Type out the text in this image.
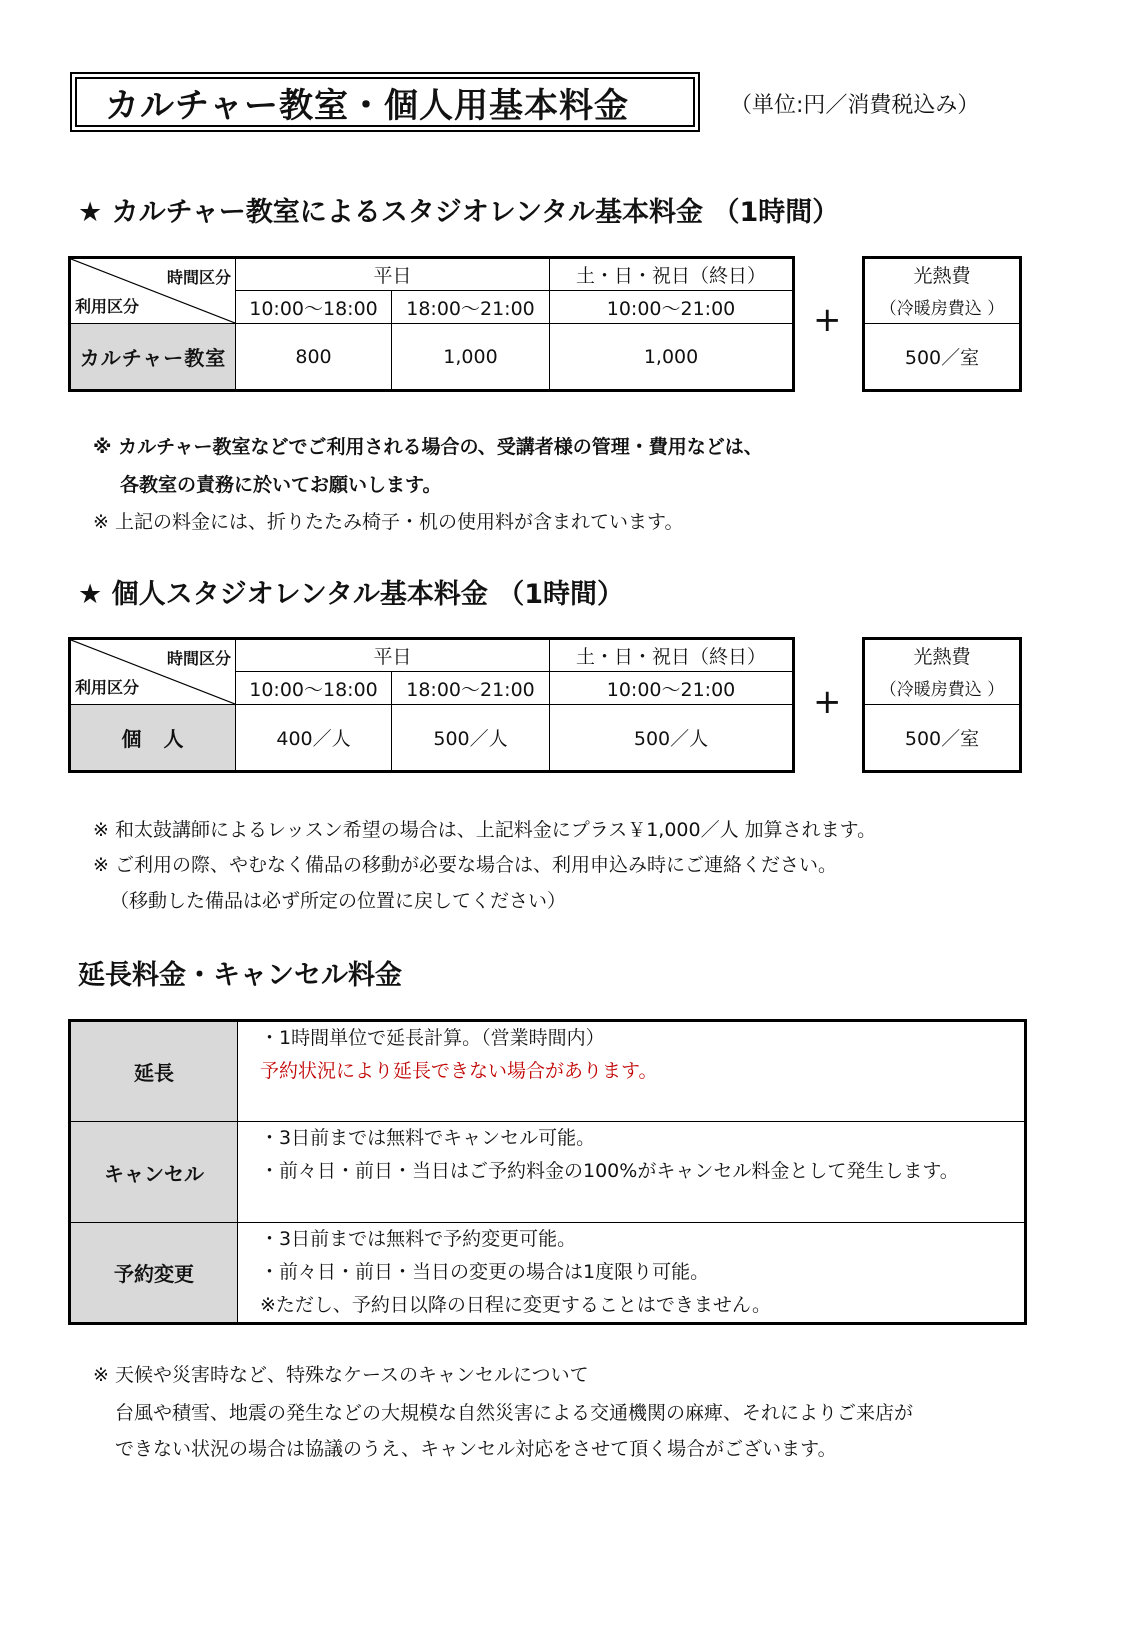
カルチャー教室・個人用基本料金	（単位:円／消費税込み）
★ カルチャー教室によるスタジオレンタル基本料金 （1時間）
時間区分
利用区分	平日		土・日・祝日（終日）
	10:00〜18:00	18:00〜21:00	10:00〜21:00
カルチャー教室	800	1,000	1,000
+
光熱費
（冷暖房費込 ）
500／室
※ カルチャー教室などでご利用される場合の、受講者様の管理・費用などは、
各教室の責務に於いてお願いします。
※ 上記の料金には、折りたたみ椅子・机の使用料が含まれています。
★ 個人スタジオレンタル基本料金 （1時間）
時間区分
利用区分	平日		土・日・祝日（終日）
	10:00〜18:00	18:00〜21:00	10:00〜21:00
個　人	400／人	500／人	500／人
+
光熱費
（冷暖房費込 ）
500／室
※ 和太鼓講師によるレッスン希望の場合は、上記料金にプラス￥1,000／人 加算されます。
※ ご利用の際、やむなく備品の移動が必要な場合は、利用申込み時にご連絡ください。
（移動した備品は必ず所定の位置に戻してください）
延長料金・キャンセル料金
延長	・1時間単位で延長計算。（営業時間内）
予約状況により延長できない場合があります。

キャンセル	・3日前までは無料でキャンセル可能。
・前々日・前日・当日はご予約料金の100%がキャンセル料金として発生します。

予約変更	・3日前までは無料で予約変更可能。
・前々日・前日・当日の変更の場合は1度限り可能。
※ただし、予約日以降の日程に変更することはできません。
※ 天候や災害時など、特殊なケースのキャンセルについて
台風や積雪、地震の発生などの大規模な自然災害による交通機関の麻痺、それによりご来店が
できない状況の場合は協議のうえ、キャンセル対応をさせて頂く場合がございます。
